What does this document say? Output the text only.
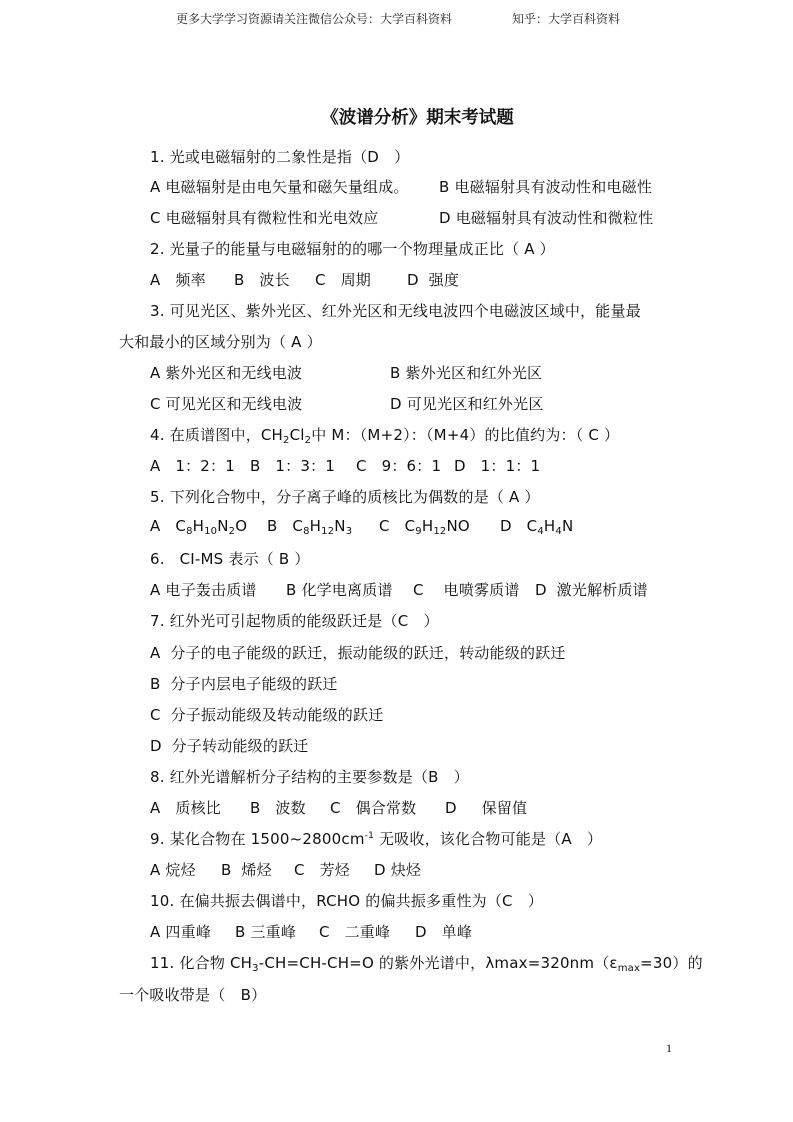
更多大学学习资源请关注微信公众号：大学百科资料	知乎：大学百科资料
《波谱分析》期末考试题
1. 光或电磁辐射的二象性是指（D　）
A 电磁辐射是由电矢量和磁矢量组成。 B 电磁辐射具有波动性和电磁性
C 电磁辐射具有微粒性和光电效应	D 电磁辐射具有波动性和微粒性
2. 光量子的能量与电磁辐射的的哪一个物理量成正比（ A ）
A   频率 B   波长 C   周期 D  强度
3. 可见光区、紫外光区、红外光区和无线电波四个电磁波区域中，能量最
大和最小的区域分别为（ A ）
A 紫外光区和无线电波	B 紫外光区和红外光区
C 可见光区和无线电波	D 可见光区和红外光区
4. 在质谱图中，$CH_2Cl_2$中 M：（M+2）：（M+4）的比值约为：（ C ）
A   1：2：1 B   1：3：1 C   9：6：1 D   1：1：1
5. 下列化合物中，分子离子峰的质核比为偶数的是（ A ）
A $C_8H_{10}N_2O$ B $C_8H_{12}N_3$ C $C_9H_{12}NO$ D $C_4H_4N$
6. CI-MS 表示（ B ）
A 电子轰击质谱 B 化学电离质谱 C    电喷雾质谱 D  激光解析质谱
7. 红外光可引起物质的能级跃迁是（C　）
A  分子的电子能级的跃迁，振动能级的跃迁，转动能级的跃迁
B  分子内层电子能级的跃迁
C  分子振动能级及转动能级的跃迁
D  分子转动能级的跃迁
8. 红外光谱解析分子结构的主要参数是（B　）
A   质核比 B   波数 C   偶合常数 D     保留值
9. 某化合物在 $1500\sim 2800cm^{-1}$ 无吸收，该化合物可能是（A　）
A 烷烃 B  烯烃 C   芳烃 D 炔烃
10. 在偏共振去偶谱中，RCHO 的偏共振多重性为（C　）
A 四重峰 B 三重峰 C   二重峰 D   单峰
11. 化合物 $CH_3-CH=CH-CH=O$ 的紫外光谱中，$\lambda\max=320nm(\varepsilon_{max}=30)$的
一个吸收带是（　B）
1
